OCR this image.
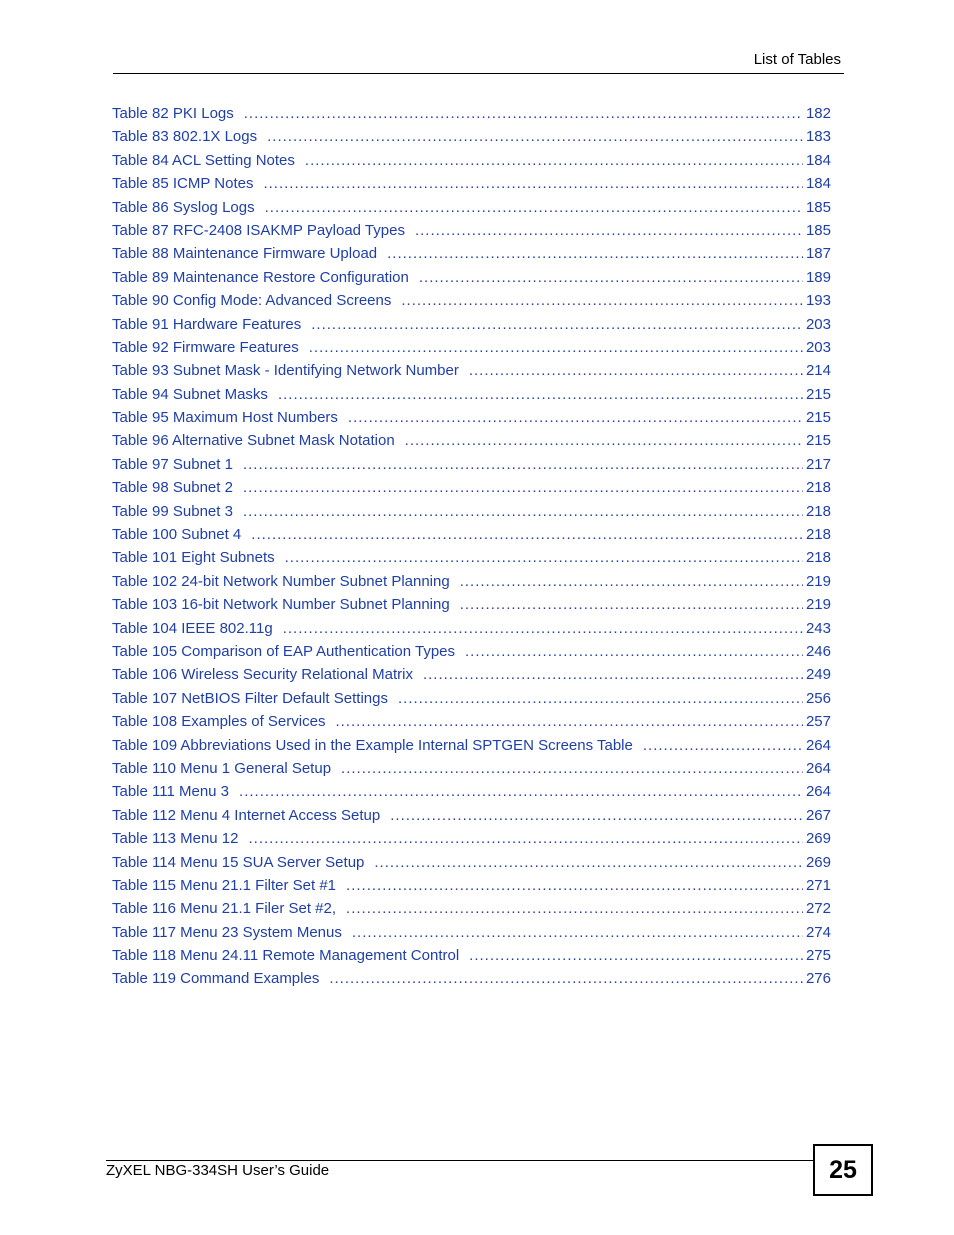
List of Tables
Table 82 PKI Logs .....	182
Table 83 802.1X Logs .....	183
Table 84 ACL Setting Notes .....	184
Table 85 ICMP Notes .....	184
Table 86 Syslog Logs .....	185
Table 87 RFC-2408 ISAKMP Payload Types .....	185
Table 88 Maintenance Firmware Upload .....	187
Table 89 Maintenance Restore Configuration .....	189
Table 90 Config Mode: Advanced Screens .....	193
Table 91 Hardware Features .....	203
Table 92 Firmware Features .....	203
Table 93 Subnet Mask - Identifying Network Number .....	214
Table 94 Subnet Masks .....	215
Table 95 Maximum Host Numbers .....	215
Table 96 Alternative Subnet Mask Notation .....	215
Table 97 Subnet 1 .....	217
Table 98 Subnet 2 .....	218
Table 99 Subnet 3 .....	218
Table 100 Subnet 4 .....	218
Table 101 Eight Subnets .....	218
Table 102 24-bit Network Number Subnet Planning .....	219
Table 103 16-bit Network Number Subnet Planning .....	219
Table 104 IEEE 802.11g .....	243
Table 105 Comparison of EAP Authentication Types .....	246
Table 106 Wireless Security Relational Matrix .....	249
Table 107 NetBIOS Filter Default Settings .....	256
Table 108 Examples of Services .....	257
Table 109 Abbreviations Used in the Example Internal SPTGEN Screens Table .....	264
Table 110 Menu 1 General Setup .....	264
Table 111 Menu 3 .....	264
Table 112 Menu 4 Internet Access Setup .....	267
Table 113 Menu 12 .....	269
Table 114 Menu 15 SUA Server Setup .....	269
Table 115 Menu 21.1 Filter Set #1 .....	271
Table 116 Menu 21.1 Filer Set #2, .....	272
Table 117 Menu 23 System Menus .....	274
Table 118 Menu 24.11 Remote Management Control .....	275
Table 119 Command Examples .....	276
ZyXEL NBG-334SH User’s Guide	25
